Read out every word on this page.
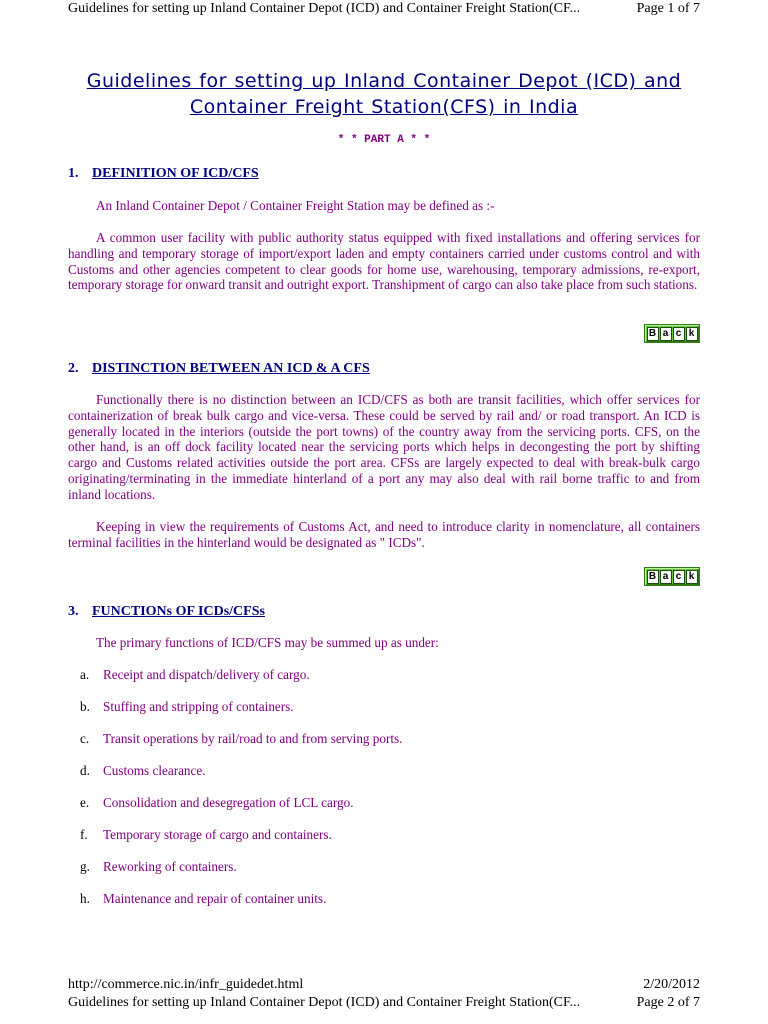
Guidelines for setting up Inland Container Depot (ICD) and Container Freight Station(CF...	Page 1 of 7
Guidelines for setting up Inland Container Depot (ICD) and
Container Freight Station(CFS) in India
* * PART A * *
1. DEFINITION OF ICD/CFS
An Inland Container Depot / Container Freight Station may be defined as :-
A common user facility with public authority status equipped with fixed installations and offering services for handling and temporary storage of import/export laden and empty containers carried under customs control and with Customs and other agencies competent to clear goods for home use, warehousing, temporary admissions, re-export, temporary storage for onward transit and outright export. Transhipment of cargo can also take place from such stations.
B a c k
2. DISTINCTION BETWEEN AN ICD & A CFS
Functionally there is no distinction between an ICD/CFS as both are transit facilities, which offer services for containerization of break bulk cargo and vice-versa. These could be served by rail and/ or road transport. An ICD is generally located in the interiors (outside the port towns) of the country away from the servicing ports. CFS, on the other hand, is an off dock facility located near the servicing ports which helps in decongesting the port by shifting cargo and Customs related activities outside the port area. CFSs are largely expected to deal with break-bulk cargo originating/terminating in the immediate hinterland of a port any may also deal with rail borne traffic to and from inland locations.
Keeping in view the requirements of Customs Act, and need to introduce clarity in nomenclature, all containers terminal facilities in the hinterland would be designated as " ICDs".
B a c k
3. FUNCTIONs OF ICDs/CFSs
The primary functions of ICD/CFS may be summed up as under:
a. Receipt and dispatch/delivery of cargo.
b. Stuffing and stripping of containers.
c. Transit operations by rail/road to and from serving ports.
d. Customs clearance.
e. Consolidation and desegregation of LCL cargo.
f. Temporary storage of cargo and containers.
g. Reworking of containers.
h. Maintenance and repair of container units.
http://commerce.nic.in/infr_guidedet.html	2/20/2012
Guidelines for setting up Inland Container Depot (ICD) and Container Freight Station(CF...	Page 2 of 7
